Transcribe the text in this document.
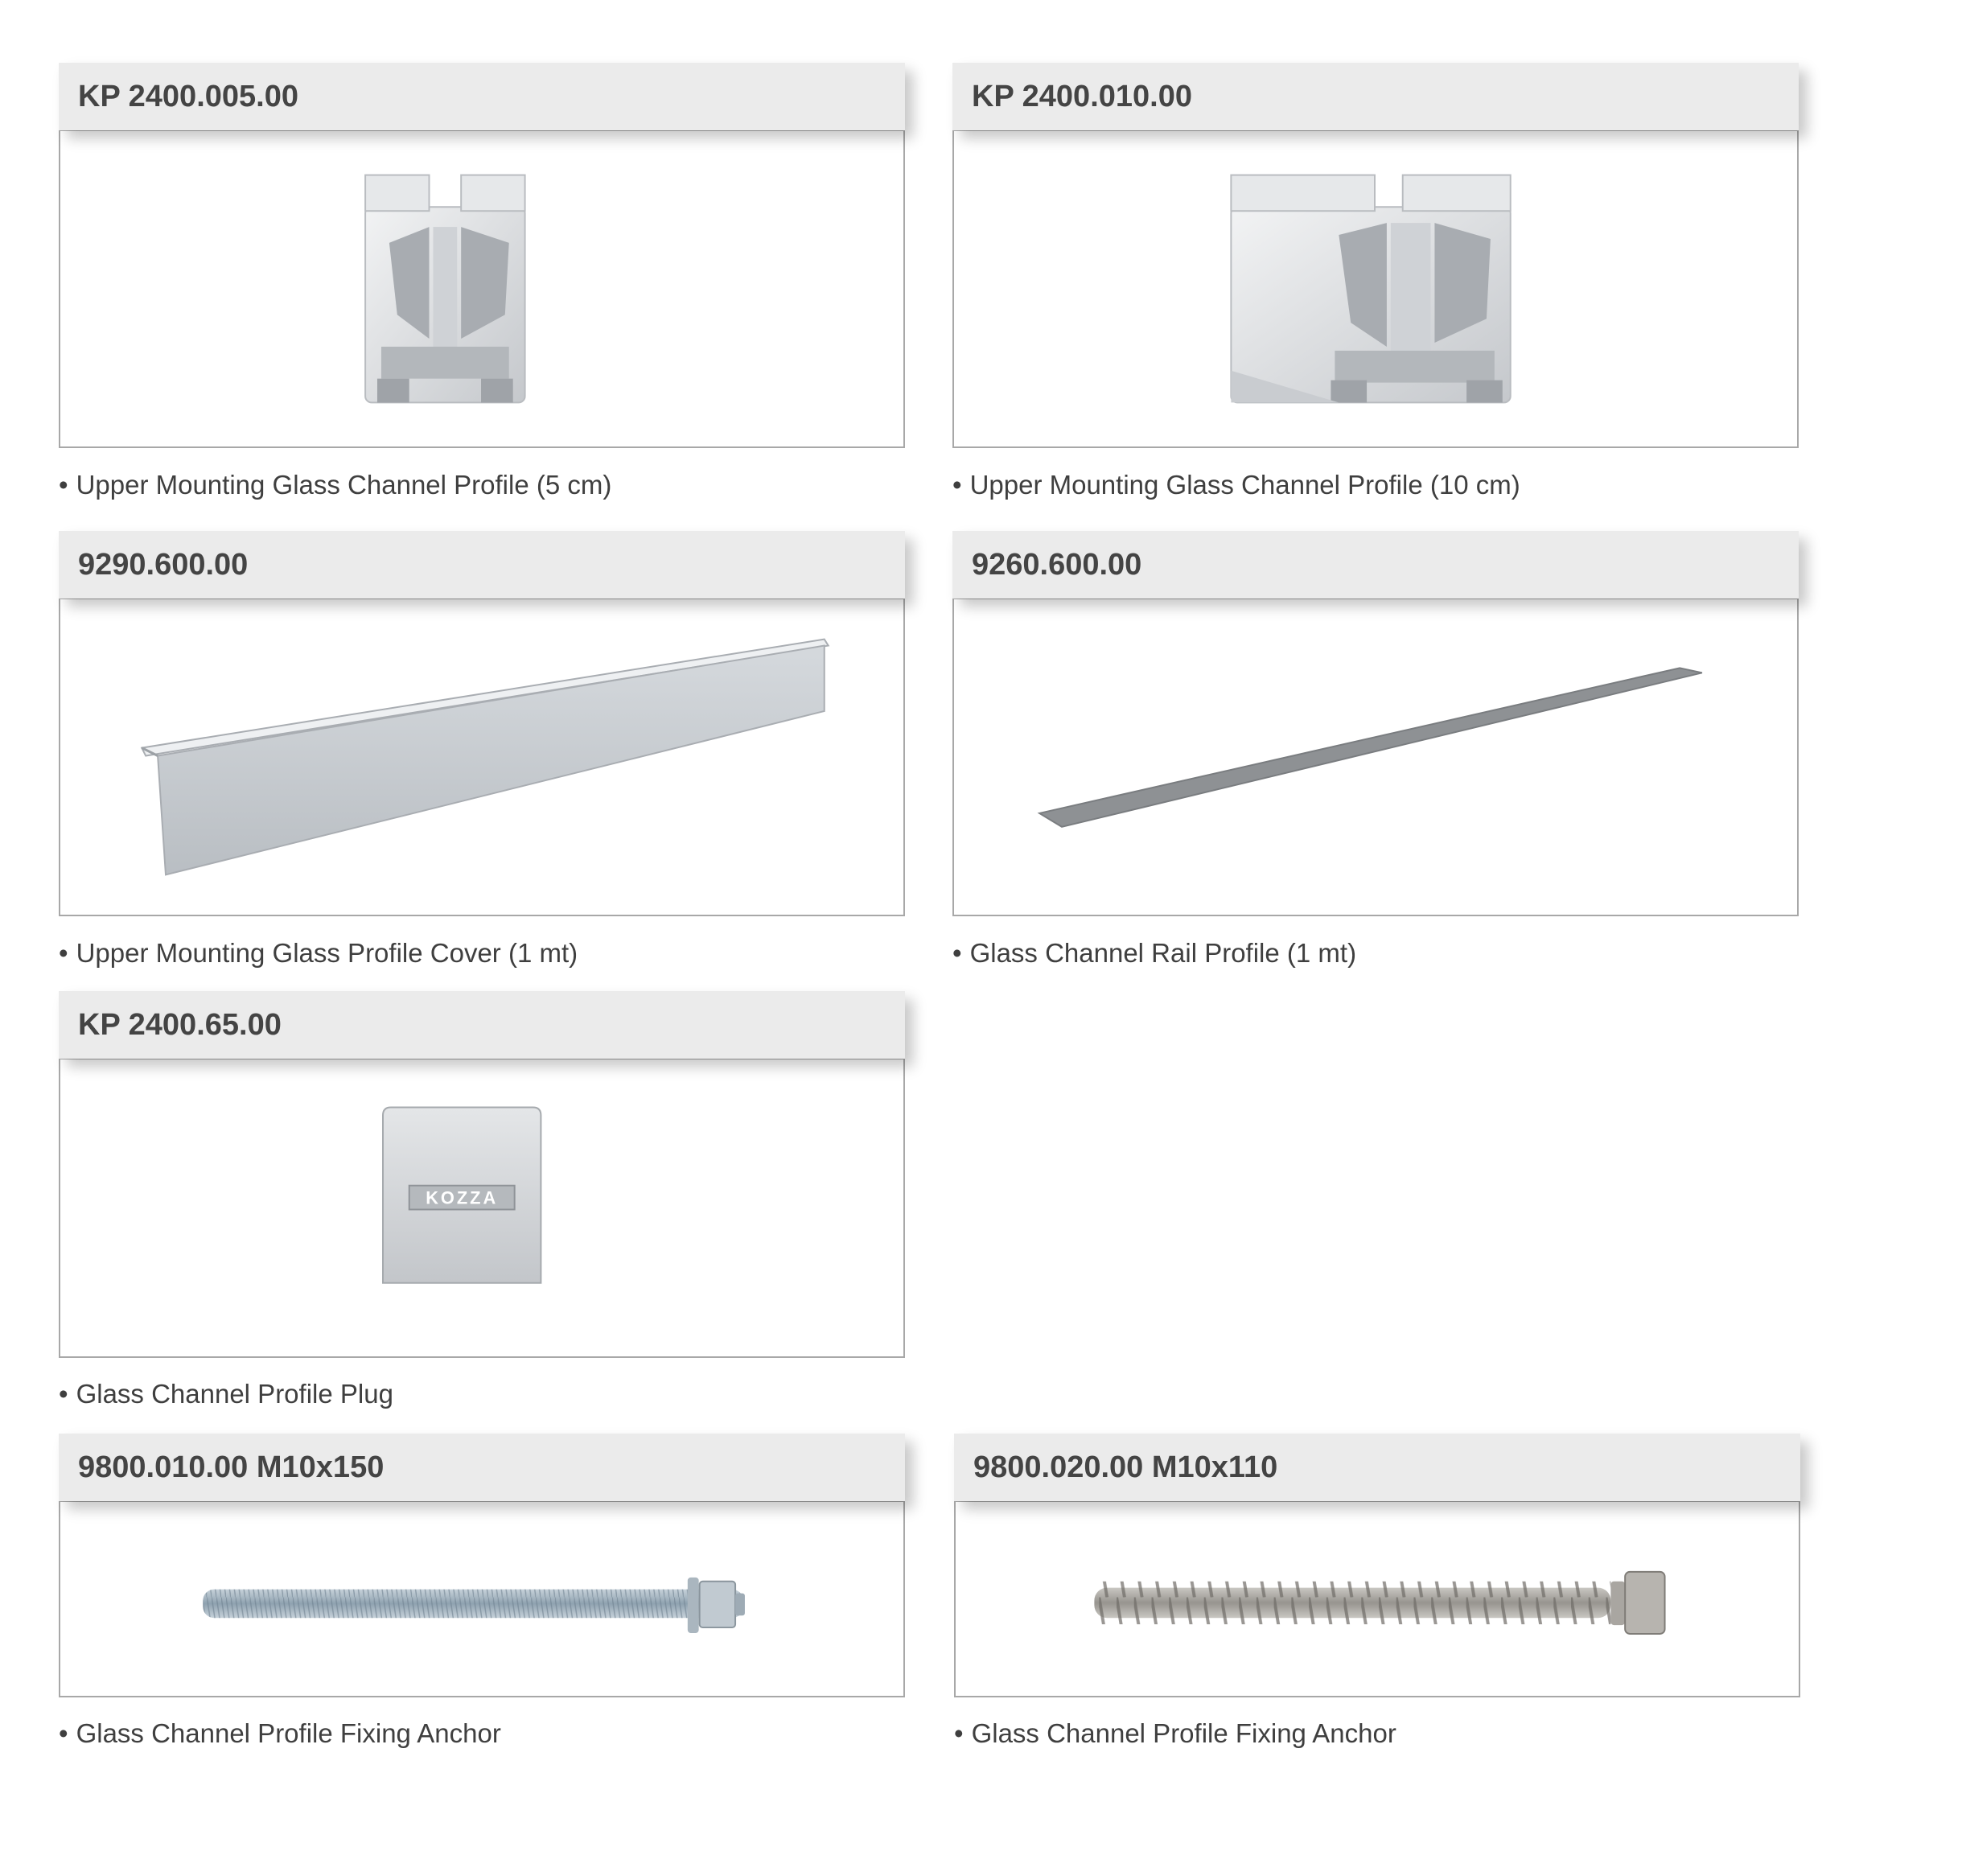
KP 2400.005.00
• Upper Mounting Glass Channel Profile (5 cm)
KP 2400.010.00
• Upper Mounting Glass Channel Profile (10 cm)
9290.600.00
• Upper Mounting Glass Profile Cover (1 mt)
9260.600.00
• Glass Channel Rail Profile (1 mt)
KP 2400.65.00
KOZZA
• Glass Channel Profile Plug
9800.010.00 M10x150
• Glass Channel Profile Fixing Anchor
9800.020.00 M10x110
• Glass Channel Profile Fixing Anchor
